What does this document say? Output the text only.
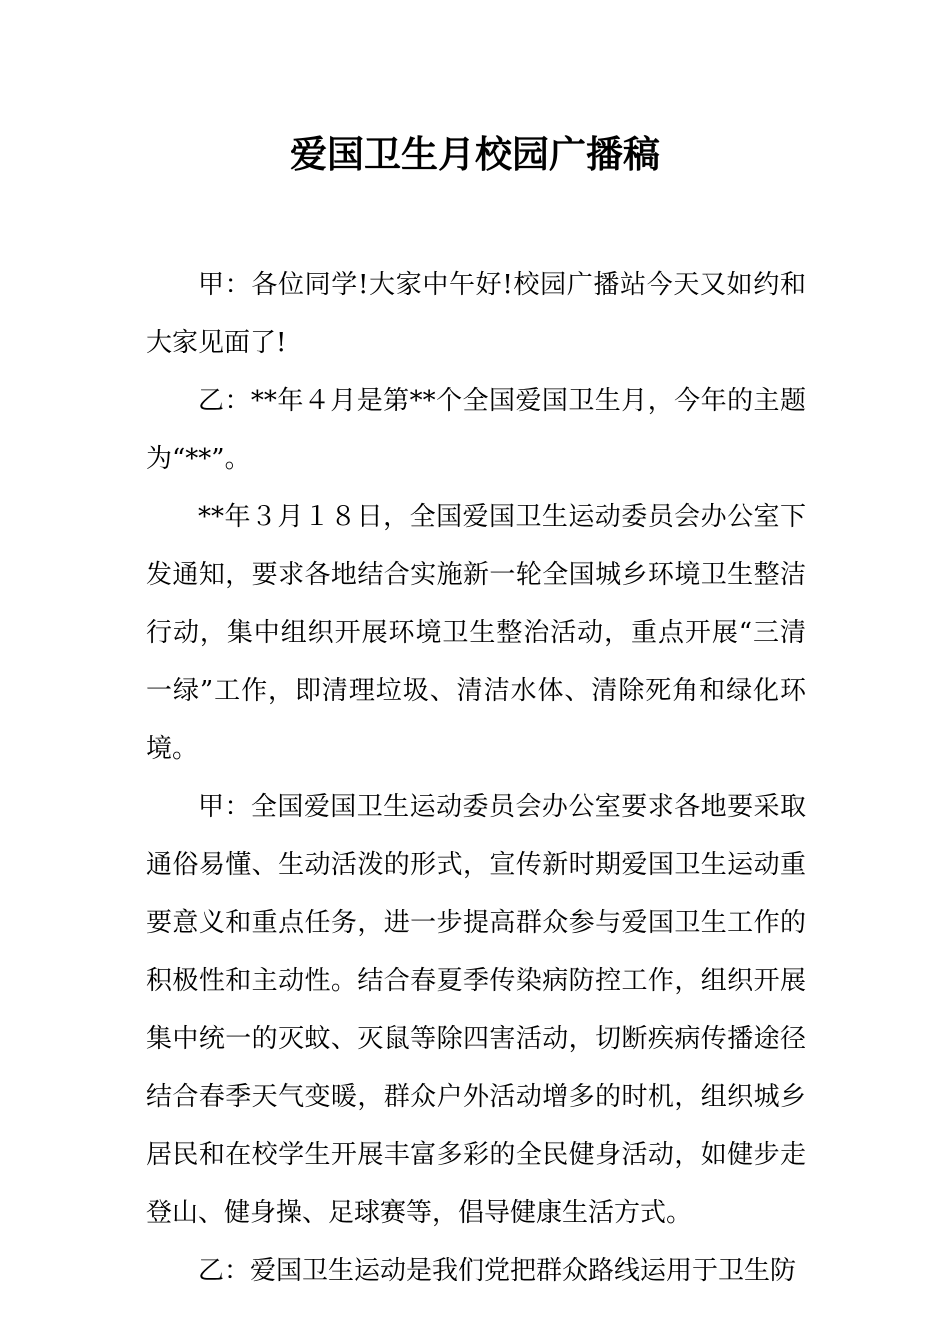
爱国卫生月校园广播稿

甲：各位同学!大家中午好!校园广播站今天又如约和大家见面了!

乙：**年４月是第**个全国爱国卫生月，今年的主题为“**”。

**年３月１８日，全国爱国卫生运动委员会办公室下发通知，要求各地结合实施新一轮全国城乡环境卫生整洁行动，集中组织开展环境卫生整治活动，重点开展“三清一绿”工作，即清理垃圾、清洁水体、清除死角和绿化环境。

甲：全国爱国卫生运动委员会办公室要求各地要采取通俗易懂、生动活泼的形式，宣传新时期爱国卫生运动重要意义和重点任务，进一步提高群众参与爱国卫生工作的积极性和主动性。结合春夏季传染病防控工作，组织开展集中统一的灭蚊、灭鼠等除四害活动，切断疾病传播途径结合春季天气变暖，群众户外活动增多的时机，组织城乡居民和在校学生开展丰富多彩的全民健身活动，如健步走登山、健身操、足球赛等，倡导健康生活方式。

乙：爱国卫生运动是我们党把群众路线运用于卫生防
